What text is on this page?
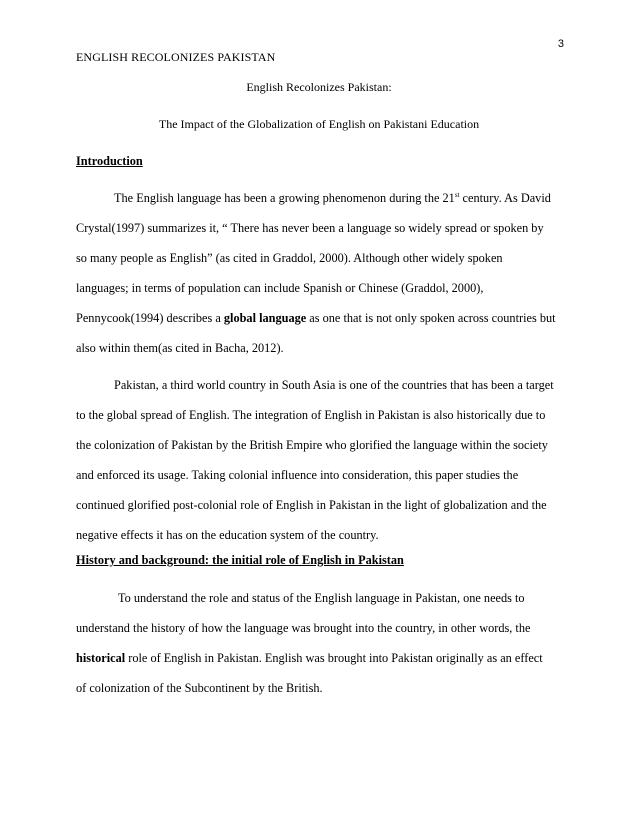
3
ENGLISH RECOLONIZES PAKISTAN
English Recolonizes Pakistan:
The Impact of the Globalization of English on Pakistani Education
Introduction
The English language has been a growing phenomenon during the 21st century. As David
Crystal(1997) summarizes it, “ There has never been a language so widely spread or spoken by
so many people as English” (as cited in Graddol, 2000). Although other widely spoken
languages; in terms of population can include Spanish or Chinese (Graddol, 2000),
Pennycook(1994) describes a global language as one that is not only spoken across countries but
also within them(as cited in Bacha, 2012).
Pakistan, a third world country in South Asia is one of the countries that has been a target
to the global spread of English. The integration of English in Pakistan is also historically due to
the colonization of Pakistan by the British Empire who glorified the language within the society
and enforced its usage. Taking colonial influence into consideration, this paper studies the
continued glorified post-colonial role of English in Pakistan in the light of globalization and the
negative effects it has on the education system of the country.
History and background: the initial role of English in Pakistan
To understand the role and status of the English language in Pakistan, one needs to
understand the history of how the language was brought into the country, in other words, the
historical role of English in Pakistan. English was brought into Pakistan originally as an effect
of colonization of the Subcontinent by the British.
